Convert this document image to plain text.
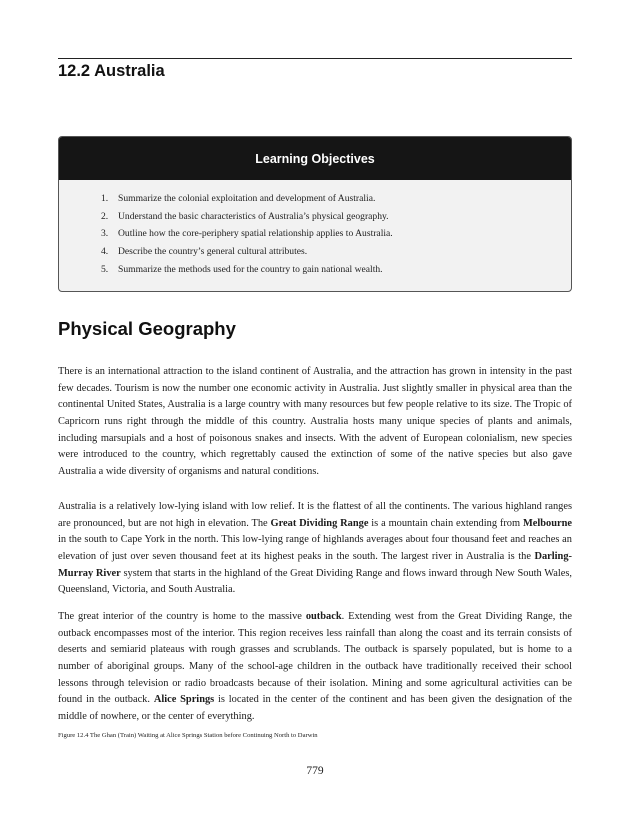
12.2 Australia
Learning Objectives
1. Summarize the colonial exploitation and development of Australia.
2. Understand the basic characteristics of Australia’s physical geography.
3. Outline how the core-periphery spatial relationship applies to Australia.
4. Describe the country’s general cultural attributes.
5. Summarize the methods used for the country to gain national wealth.
Physical Geography

There is an international attraction to the island continent of Australia, and the attraction has grown in intensity in the past few decades. Tourism is now the number one economic activity in Australia. Just slightly smaller in physical area than the continental United States, Australia is a large country with many resources but few people relative to its size. The Tropic of Capricorn runs right through the middle of this country. Australia hosts many unique species of plants and animals, including marsupials and a host of poisonous snakes and insects. With the advent of European colonialism, new species were introduced to the country, which regrettably caused the extinction of some of the native species but also gave Australia a wide diversity of organisms and natural conditions.

Australia is a relatively low-lying island with low relief. It is the flattest of all the continents. The various highland ranges are pronounced, but are not high in elevation. The Great Dividing Range is a mountain chain extending from Melbourne in the south to Cape York in the north. This low-lying range of highlands averages about four thousand feet and reaches an elevation of just over seven thousand feet at its highest peaks in the south. The largest river in Australia is the Darling-Murray River system that starts in the highland of the Great Dividing Range and flows inward through New South Wales, Queensland, Victoria, and South Australia.

The great interior of the country is home to the massive outback. Extending west from the Great Dividing Range, the outback encompasses most of the interior. This region receives less rainfall than along the coast and its terrain consists of deserts and semiarid plateaus with rough grasses and scrublands. The outback is sparsely populated, but is home to a number of aboriginal groups. Many of the school-age children in the outback have traditionally received their school lessons through television or radio broadcasts because of their isolation. Mining and some agricultural activities can be found in the outback. Alice Springs is located in the center of the continent and has been given the designation of the middle of nowhere, or the center of everything.

Figure 12.4 The Ghan (Train) Waiting at Alice Springs Station before Continuing North to Darwin

779
